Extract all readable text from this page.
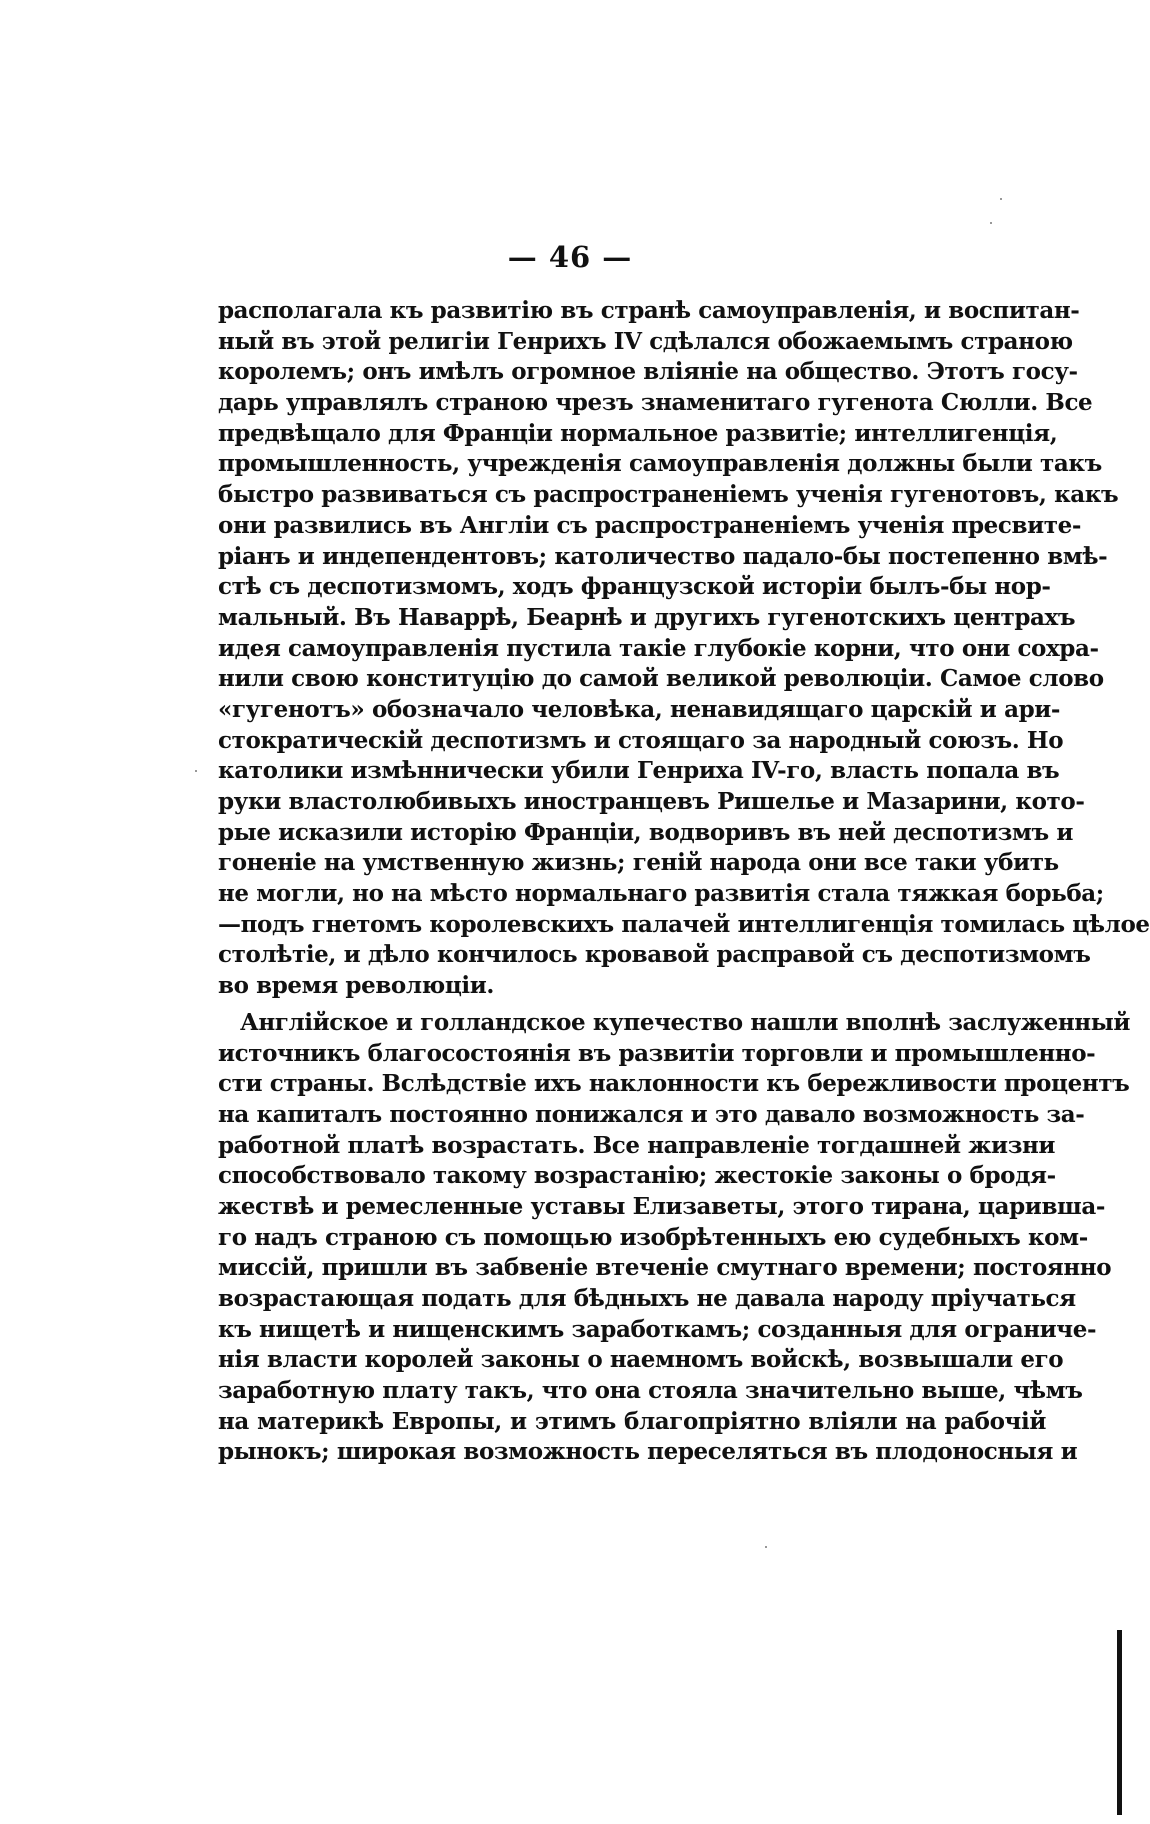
— 46 —
располагала къ развитію въ странѣ самоуправленія, и воспитан-
ный въ этой религіи Генрихъ IV сдѣлался обожаемымъ страною
королемъ; онъ имѣлъ огромное вліяніе на общество. Этотъ госу-
дарь управлялъ страною чрезъ знаменитаго гугенота Сюлли. Все
предвѣщало для Франціи нормальное развитіе; интеллигенція,
промышленность, учрежденія самоуправленія должны были такъ
быстро развиваться съ распространеніемъ ученія гугенотовъ, какъ
они развились въ Англіи съ распространеніемъ ученія пресвите-
ріанъ и индепендентовъ; католичество падало-бы постепенно вмѣ-
стѣ съ деспотизмомъ, ходъ французской исторіи былъ-бы нор-
мальный. Въ Наваррѣ, Беарнѣ и другихъ гугенотскихъ центрахъ
идея самоуправленія пустила такіе глубокіе корни, что они сохра-
нили свою конституцію до самой великой революціи. Самое слово
«гугенотъ» обозначало человѣка, ненавидящаго царскій и ари-
стократическій деспотизмъ и стоящаго за народный союзъ. Но
католики измѣннически убили Генриха IV-го, власть попала въ
руки властолюбивыхъ иностранцевъ Ришелье и Мазарини, кото-
рые исказили исторію Франціи, водворивъ въ ней деспотизмъ и
гоненіе на умственную жизнь; геній народа они все таки убить
не могли, но на мѣсто нормальнаго развитія стала тяжкая борьба;
—подъ гнетомъ королевскихъ палачей интеллигенція томилась цѣлое
столѣтіе, и дѣло кончилось кровавой расправой съ деспотизмомъ
во время революціи.
Англійское и голландское купечество нашли вполнѣ заслуженный
источникъ благосостоянія въ развитіи торговли и промышленно-
сти страны. Вслѣдствіе ихъ наклонности къ бережливости процентъ
на капиталъ постоянно понижался и это давало возможность за-
работной платѣ возрастать. Все направленіе тогдашней жизни
способствовало такому возрастанію; жестокіе законы о бродя-
жествѣ и ремесленные уставы Елизаветы, этого тирана, царивша-
го надъ страною съ помощью изобрѣтенныхъ ею судебныхъ ком-
миссій, пришли въ забвеніе втеченіе смутнаго времени; постоянно
возрастающая подать для бѣдныхъ не давала народу пріучаться
къ нищетѣ и нищенскимъ заработкамъ; созданныя для ограниче-
нія власти королей законы о наемномъ войскѣ, возвышали его
заработную плату такъ, что она стояла значительно выше, чѣмъ
на материкѣ Европы, и этимъ благопріятно вліяли на рабочій
рынокъ; широкая возможность переселяться въ плодоносныя и
